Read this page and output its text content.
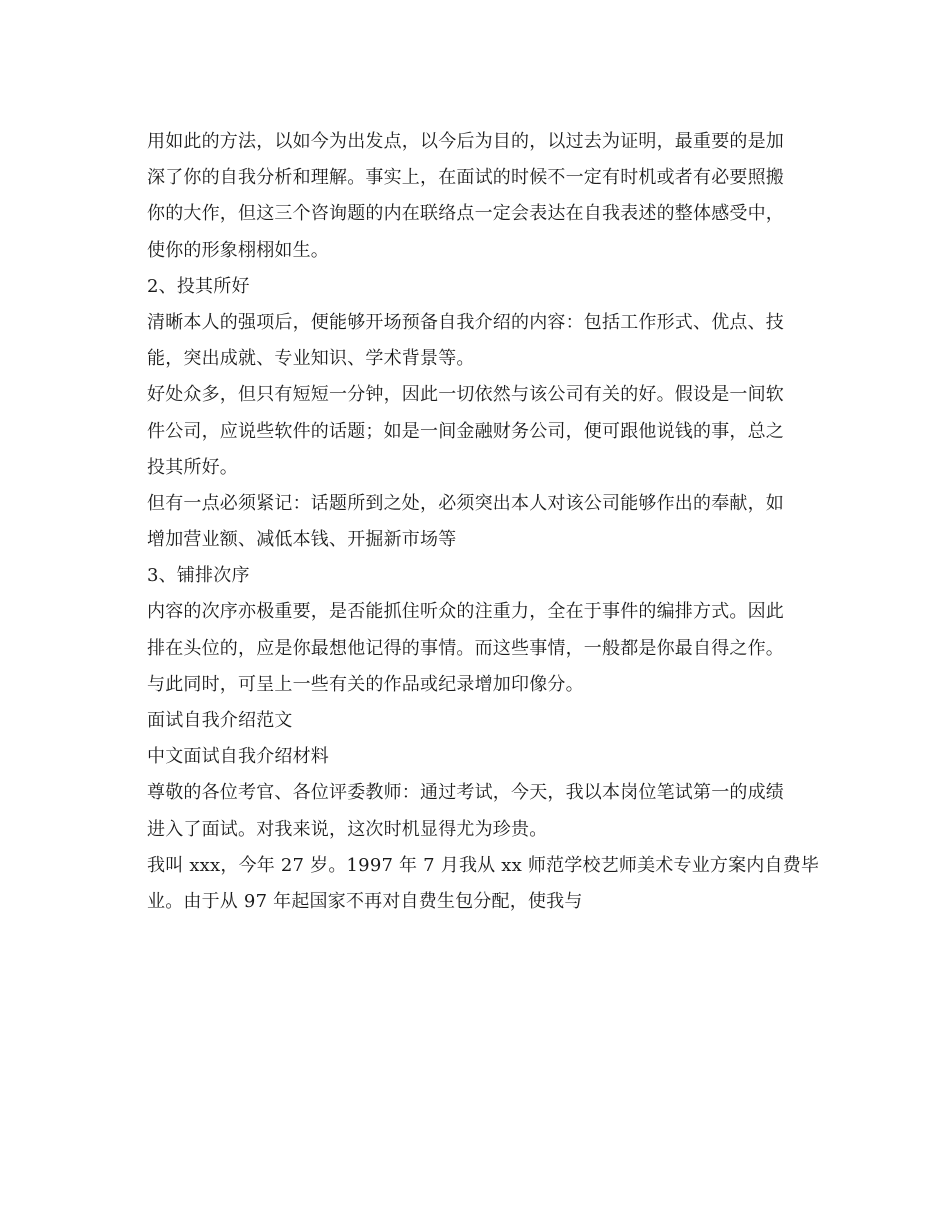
用如此的方法，以如今为出发点，以今后为目的，以过去为证明，最重要的是加
深了你的自我分析和理解。事实上，在面试的时候不一定有时机或者有必要照搬
你的大作，但这三个咨询题的内在联络点一定会表达在自我表述的整体感受中，
使你的形象栩栩如生。
2、投其所好
清晰本人的强项后，便能够开场预备自我介绍的内容：包括工作形式、优点、技
能，突出成就、专业知识、学术背景等。
好处众多，但只有短短一分钟，因此一切依然与该公司有关的好。假设是一间软
件公司，应说些软件的话题；如是一间金融财务公司，便可跟他说钱的事，总之
投其所好。
但有一点必须紧记：话题所到之处，必须突出本人对该公司能够作出的奉献，如
增加营业额、减低本钱、开掘新市场等
3、铺排次序
内容的次序亦极重要，是否能抓住听众的注重力，全在于事件的编排方式。因此
排在头位的，应是你最想他记得的事情。而这些事情，一般都是你最自得之作。
与此同时，可呈上一些有关的作品或纪录增加印像分。
面试自我介绍范文
中文面试自我介绍材料
尊敬的各位考官、各位评委教师：通过考试，今天，我以本岗位笔试第一的成绩
进入了面试。对我来说，这次时机显得尤为珍贵。
我叫 xxx，今年 27 岁。1997 年 7 月我从 xx 师范学校艺师美术专业方案内自费毕
业。由于从 97 年起国家不再对自费生包分配，使我与
